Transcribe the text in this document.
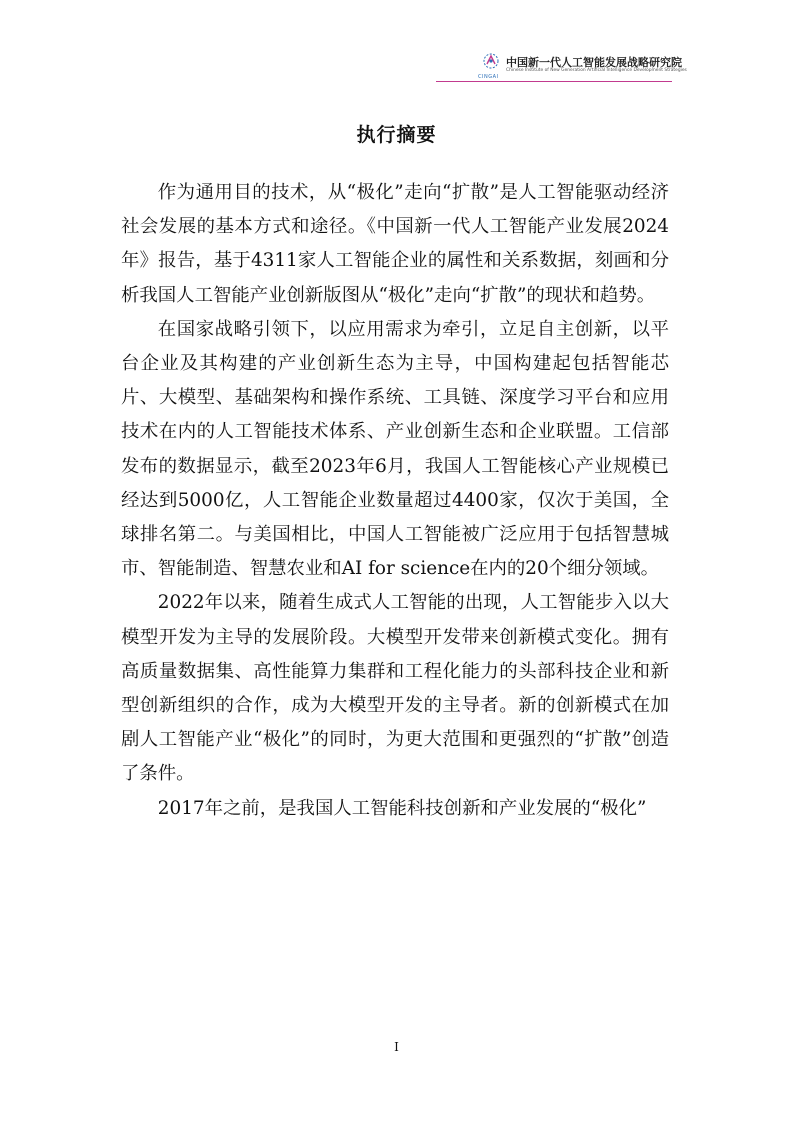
CINGAI
中国新一代人工智能发展战略研究院
Chinese Institute of New Generation Artificial Intelligence Development Strategies
执行摘要

作为通用目的技术，从“极化”走向“扩散”是人工智能驱动经济社会发展的基本方式和途径。《中国新一代人工智能产业发展2024年》报告，基于4311家人工智能企业的属性和关系数据，刻画和分析我国人工智能产业创新版图从“极化”走向“扩散”的现状和趋势。

在国家战略引领下，以应用需求为牵引，立足自主创新，以平台企业及其构建的产业创新生态为主导，中国构建起包括智能芯片、大模型、基础架构和操作系统、工具链、深度学习平台和应用技术在内的人工智能技术体系、产业创新生态和企业联盟。工信部发布的数据显示，截至2023年6月，我国人工智能核心产业规模已经达到5000亿，人工智能企业数量超过4400家，仅次于美国，全球排名第二。与美国相比，中国人工智能被广泛应用于包括智慧城市、智能制造、智慧农业和AI for science在内的20个细分领域。

2022年以来，随着生成式人工智能的出现，人工智能步入以大模型开发为主导的发展阶段。大模型开发带来创新模式变化。拥有高质量数据集、高性能算力集群和工程化能力的头部科技企业和新型创新组织的合作，成为大模型开发的主导者。新的创新模式在加剧人工智能产业“极化”的同时，为更大范围和更强烈的“扩散”创造了条件。

2017年之前，是我国人工智能科技创新和产业发展的“极化”

I
